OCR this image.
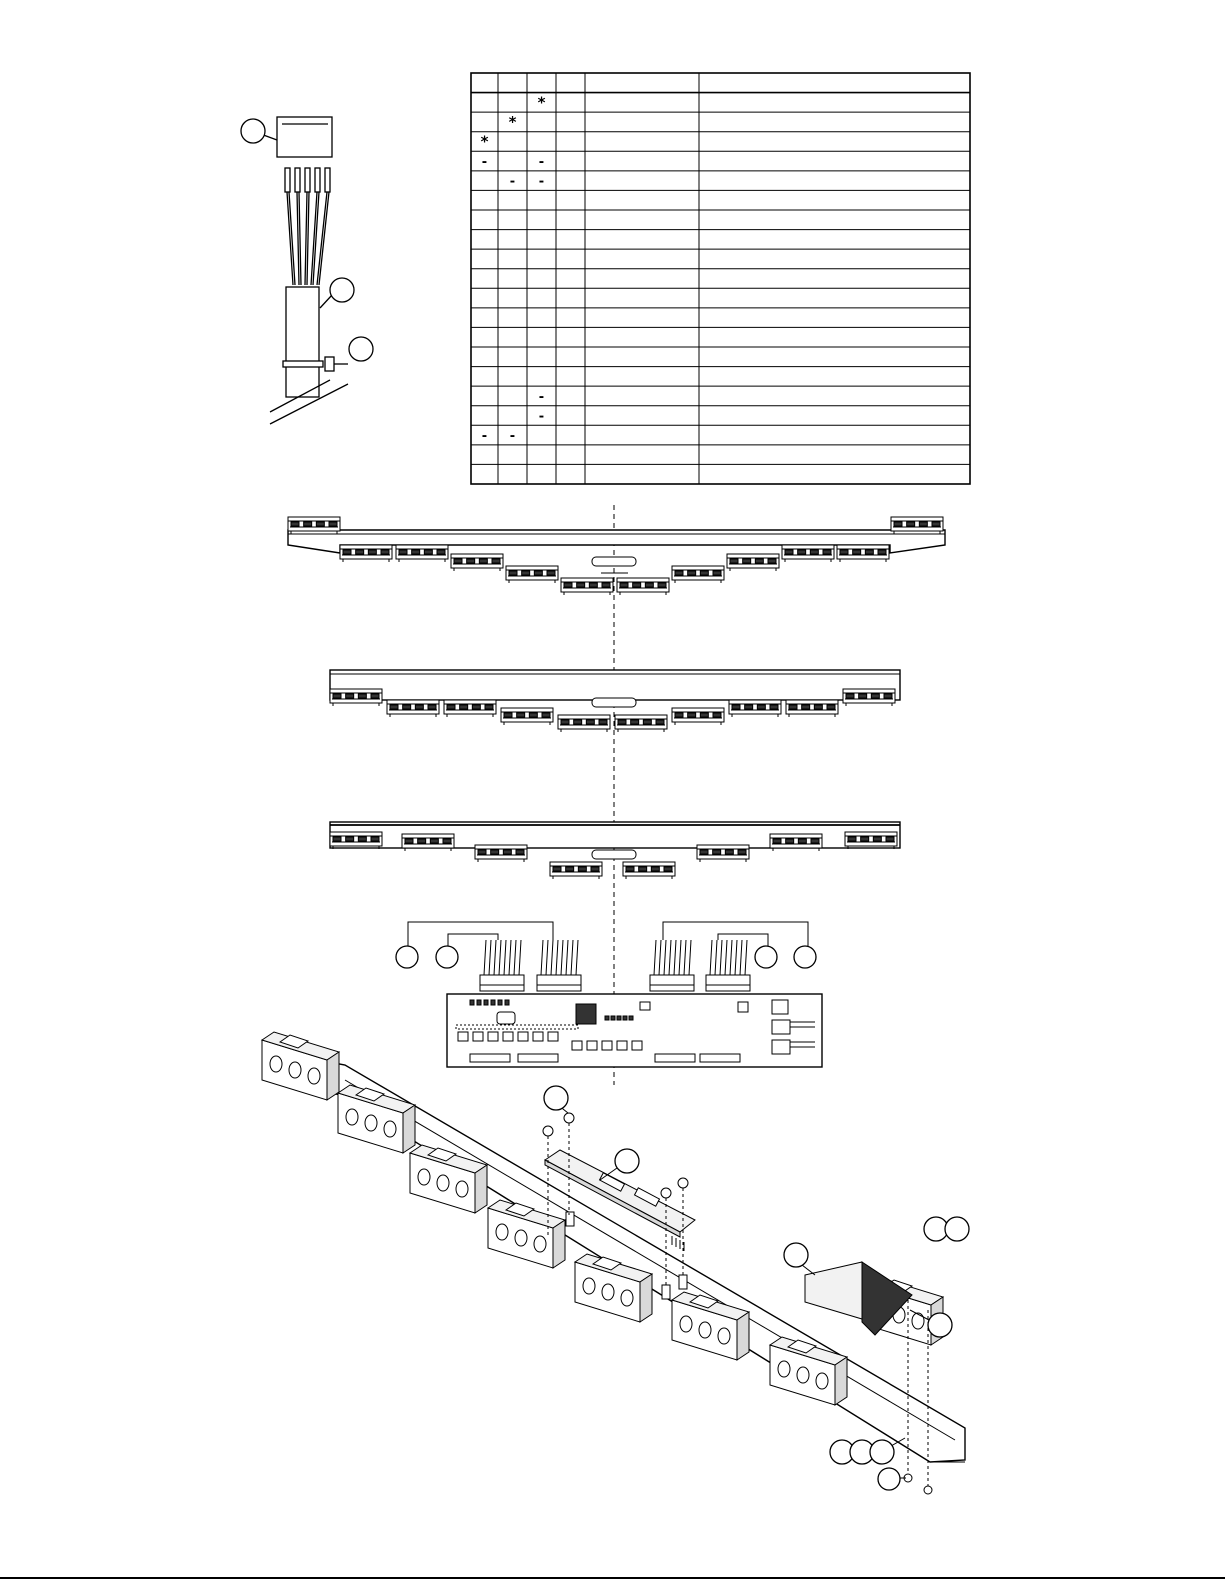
*
*
*
-	-
- -
-
-
- -
